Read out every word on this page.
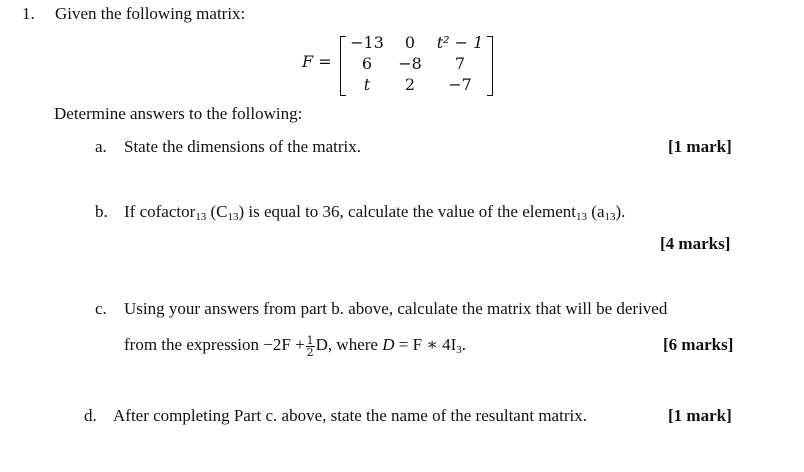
1. Given the following matrix:
F =
−13	0	t² − 1
6	−8	7
t	2	−7
Determine answers to the following:
a. State the dimensions of the matrix.	[1 mark]
b. If cofactor$_{13}$ $(C_{13})$ is equal to 36, calculate the value of the element$_{13}$ $(a_{13})$.
[4 marks]
c. Using your answers from part b. above, calculate the matrix that will be derived
from the expression $-2F + \frac{1}{2} D$, where D = F ∗ $4I_3$.	[6 marks]
d. After completing Part c. above, state the name of the resultant matrix.	[1 mark]
